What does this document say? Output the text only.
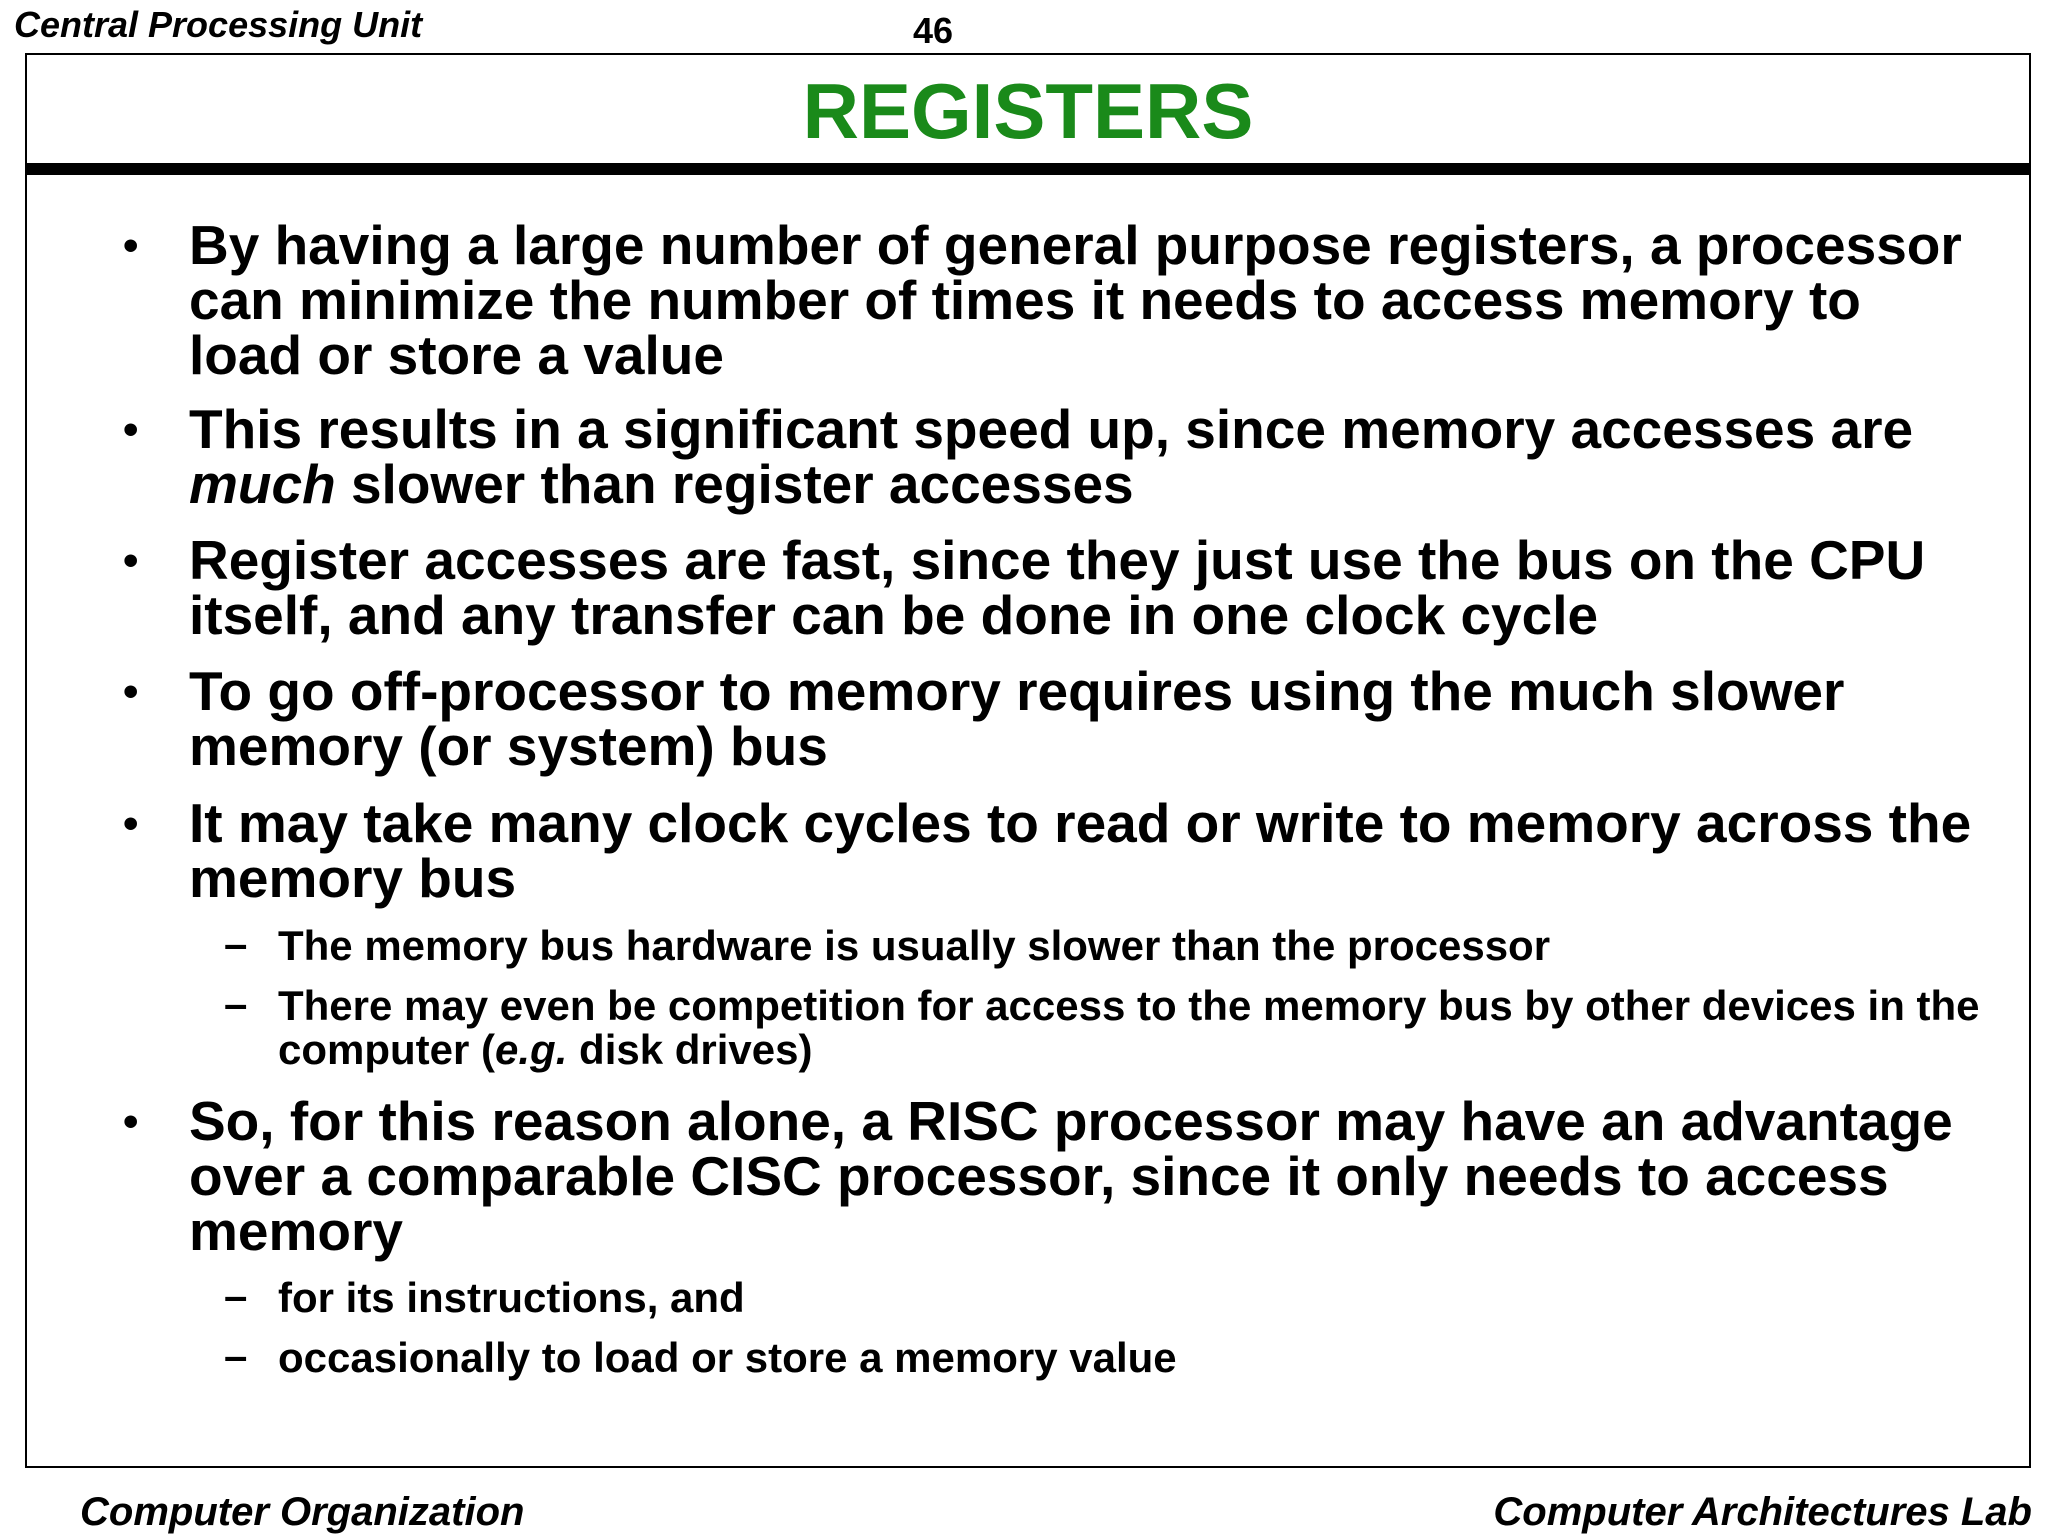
Central Processing Unit	46
REGISTERS
• By having a large number of general purpose registers, a processor can minimize the number of times it needs to access memory to load or store a value
• This results in a significant speed up, since memory accesses are much slower than register accesses
• Register accesses are fast, since they just use the bus on the CPU itself, and any transfer can be done in one clock cycle
• To go off-processor to memory requires using the much slower memory (or system) bus
• It may take many clock cycles to read or write to memory across the memory bus
– The memory bus hardware is usually slower than the processor
– There may even be competition for access to the memory bus by other devices in the computer (e.g. disk drives)
• So, for this reason alone, a RISC processor may have an advantage over a comparable CISC processor, since it only needs to access memory
– for its instructions, and
– occasionally to load or store a memory value
Computer Organization	Computer Architectures Lab
